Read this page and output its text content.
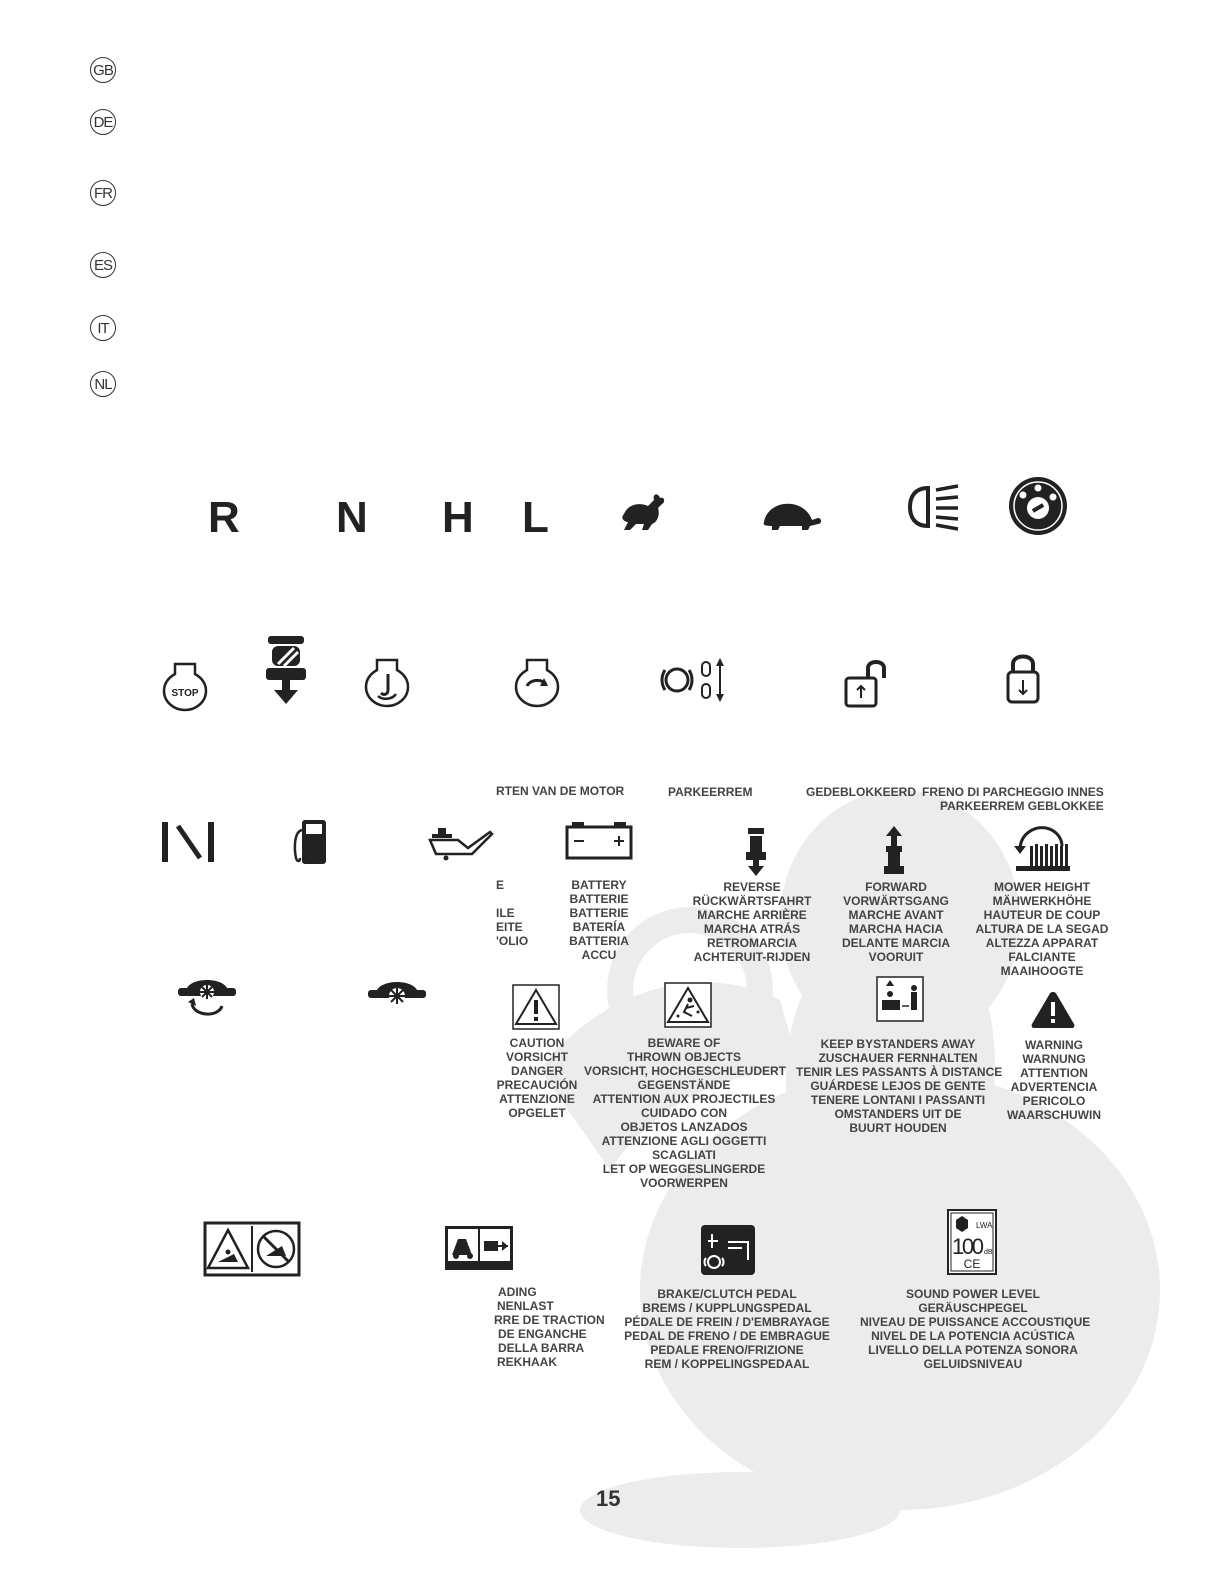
GB
DE
FR
ES
IT
NL
R N H L
STOP
RTEN VAN DE MOTOR	PARKEERREM	GEDEBLOKKEERD FRENO DI PARCHEGGIO INNES
PARKEERREM GEBLOKKEE
E

ILE
EITE
'OLIO
BATTERY
BATTERIE
BATTERIE
BATERÍA
BATTERIA
ACCU
REVERSE
RÜCKWÄRTSFAHRT
MARCHE ARRIÈRE
MARCHA ATRÁS
RETROMARCIA
ACHTERUIT-RIJDEN
FORWARD
VORWÄRTSGANG
MARCHE AVANT
MARCHA HACIA
DELANTE MARCIA
VOORUIT
MOWER HEIGHT
MÄHWERKHÖHE
HAUTEUR DE COUP
ALTURA DE LA SEGAD
ALTEZZA APPARAT
FALCIANTE
MAAIHOOGTE
CAUTION
VORSICHT
DANGER
PRECAUCIÓN
ATTENZIONE
OPGELET
BEWARE OF
THROWN OBJECTS
VORSICHT, HOCHGESCHLEUDERT
GEGENSTÄNDE
ATTENTION AUX PROJECTILES
CUIDADO CON
OBJETOS LANZADOS
ATTENZIONE AGLI OGGETTI
SCAGLIATI
LET OP WEGGESLINGERDE
VOORWERPEN
KEEP BYSTANDERS AWAY
ZUSCHAUER FERNHALTEN
TENIR LES PASSANTS À DISTANCE
GUÁRDESE LEJOS DE GENTE
TENERE LONTANI I PASSANTI
OMSTANDERS UIT DE
BUURT HOUDEN
WARNING
WARNUNG
ATTENTION
ADVERTENCIA
PERICOLO
WAARSCHUWIN
LWA
100 dB
CE
ADING
NENLAST
RRE DE TRACTION
DE ENGANCHE
DELLA BARRA
REKHAAK
BRAKE/CLUTCH PEDAL
BREMS / KUPPLUNGSPEDAL
PÉDALE DE FREIN / D'EMBRAYAGE
PEDAL DE FRENO / DE EMBRAGUE
PEDALE FRENO/FRIZIONE
REM / KOPPELINGSPEDAAL
SOUND POWER LEVEL
GERÄUSCHPEGEL
NIVEAU DE PUISSANCE ACCOUSTIQUE
NIVEL DE LA POTENCIA ACÚSTICA
LIVELLO DELLA POTENZA SONORA
GELUIDSNIVEAU
15
